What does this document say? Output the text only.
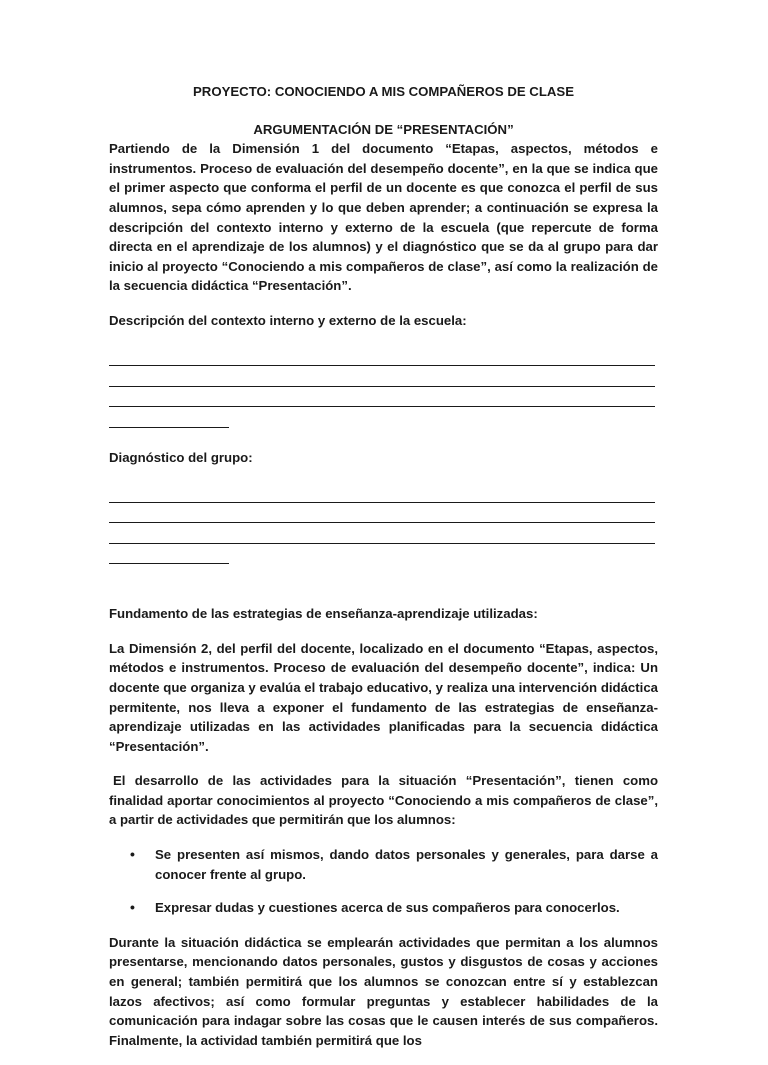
PROYECTO: CONOCIENDO A MIS COMPAÑEROS DE CLASE

ARGUMENTACIÓN DE “PRESENTACIÓN”

Partiendo de la Dimensión 1 del documento “Etapas, aspectos, métodos e instrumentos. Proceso de evaluación del desempeño docente”, en la que se indica que el primer aspecto que conforma el perfil de un docente es que conozca el perfil de sus alumnos, sepa cómo aprenden y lo que deben aprender; a continuación se expresa la descripción del contexto interno y externo de la escuela (que repercute de forma directa en el aprendizaje de los alumnos) y el diagnóstico que se da al grupo para dar inicio al proyecto “Conociendo a mis compañeros de clase”, así como la realización de la secuencia didáctica “Presentación”.

Descripción del contexto interno y externo de la escuela:

Diagnóstico del grupo:

Fundamento de las estrategias de enseñanza-aprendizaje utilizadas:

La Dimensión 2, del perfil del docente, localizado en el documento “Etapas, aspectos, métodos e instrumentos. Proceso de evaluación del desempeño docente”, indica: Un docente que organiza y evalúa el trabajo educativo, y realiza una intervención didáctica permitente, nos lleva a exponer el fundamento de las estrategias de enseñanza- aprendizaje utilizadas en las actividades planificadas para la secuencia didáctica “Presentación”.

El desarrollo de las actividades para la situación “Presentación”, tienen como finalidad aportar conocimientos al proyecto “Conociendo a mis compañeros de clase”, a partir de actividades que permitirán que los alumnos:

• Se presenten así mismos, dando datos personales y generales, para darse a conocer frente al grupo.
• Expresar dudas y cuestiones acerca de sus compañeros para conocerlos.

Durante la situación didáctica se emplearán actividades que permitan a los alumnos presentarse, mencionando datos personales, gustos y disgustos de cosas y acciones en general; también permitirá que los alumnos se conozcan entre sí y establezcan lazos afectivos; así como formular preguntas y establecer habilidades de la comunicación para indagar sobre las cosas que le causen interés de sus compañeros. Finalmente, la actividad también permitirá que los
